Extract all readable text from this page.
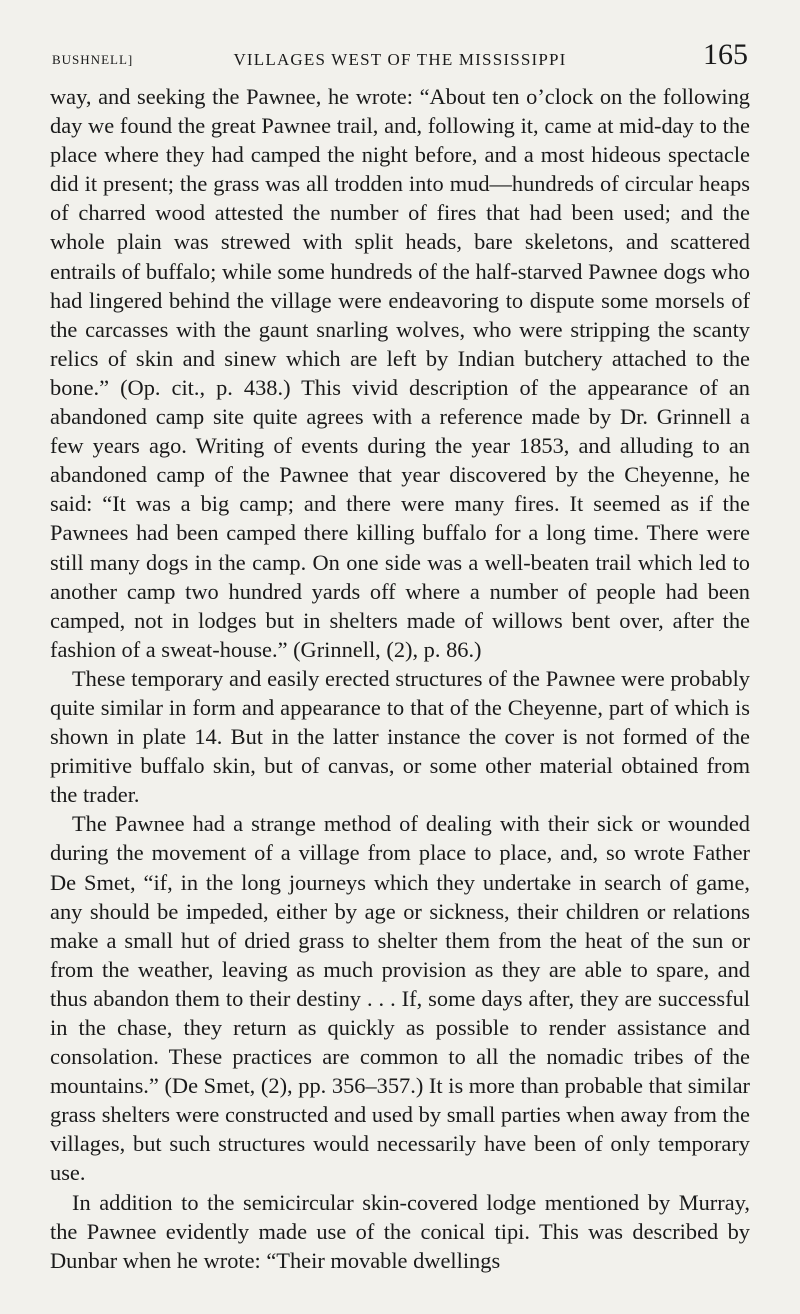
BUSHNELL]	VILLAGES WEST OF THE MISSISSIPPI	165

way, and seeking the Pawnee, he wrote: “About ten o’clock on the following day we found the great Pawnee trail, and, following it, came at mid-day to the place where they had camped the night before, and a most hideous spectacle did it present; the grass was all trodden into mud—hundreds of circular heaps of charred wood attested the number of fires that had been used; and the whole plain was strewed with split heads, bare skeletons, and scattered entrails of buffalo; while some hundreds of the half-starved Pawnee dogs who had lingered behind the village were endeavoring to dispute some morsels of the carcasses with the gaunt snarling wolves, who were stripping the scanty relics of skin and sinew which are left by Indian butchery attached to the bone.” (Op. cit., p. 438.) This vivid description of the appearance of an abandoned camp site quite agrees with a reference made by Dr. Grinnell a few years ago. Writing of events during the year 1853, and alluding to an abandoned camp of the Pawnee that year discovered by the Cheyenne, he said: “It was a big camp; and there were many fires. It seemed as if the Pawnees had been camped there killing buffalo for a long time. There were still many dogs in the camp. On one side was a well-beaten trail which led to another camp two hundred yards off where a number of people had been camped, not in lodges but in shelters made of willows bent over, after the fashion of a sweat-house.” (Grinnell, (2), p. 86.)

These temporary and easily erected structures of the Pawnee were probably quite similar in form and appearance to that of the Cheyenne, part of which is shown in plate 14. But in the latter instance the cover is not formed of the primitive buffalo skin, but of canvas, or some other material obtained from the trader.

The Pawnee had a strange method of dealing with their sick or wounded during the movement of a village from place to place, and, so wrote Father De Smet, “if, in the long journeys which they undertake in search of game, any should be impeded, either by age or sickness, their children or relations make a small hut of dried grass to shelter them from the heat of the sun or from the weather, leaving as much provision as they are able to spare, and thus abandon them to their destiny . . . If, some days after, they are successful in the chase, they return as quickly as possible to render assistance and consolation. These practices are common to all the nomadic tribes of the mountains.” (De Smet, (2), pp. 356–357.) It is more than probable that similar grass shelters were constructed and used by small parties when away from the villages, but such structures would necessarily have been of only temporary use.

In addition to the semicircular skin-covered lodge mentioned by Murray, the Pawnee evidently made use of the conical tipi. This was described by Dunbar when he wrote: “Their movable dwellings
